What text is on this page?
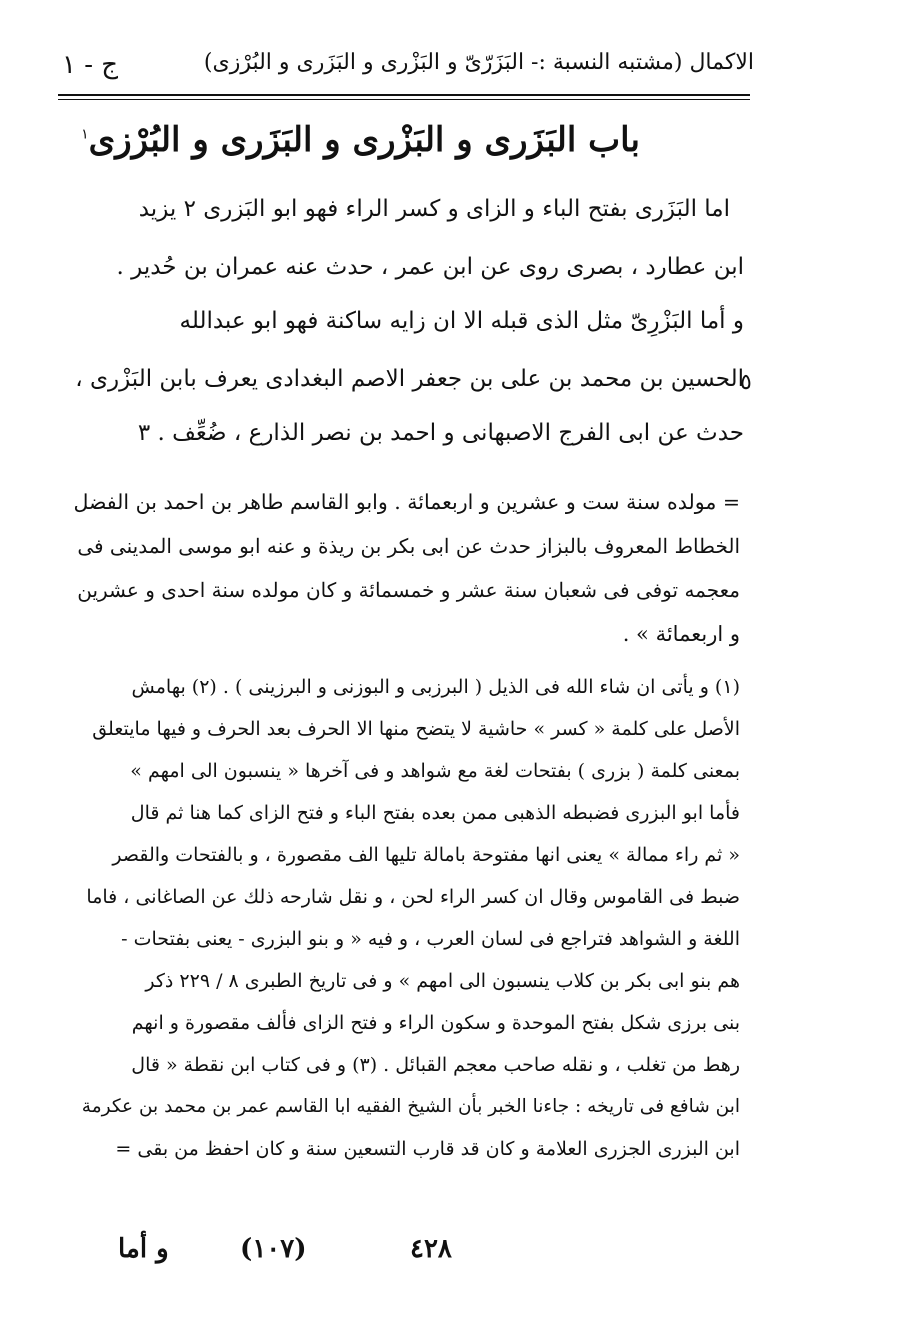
الاكمال (مشتبه النسبة :- البَزَرّىّ و البَزْرى و البَزَرى و البُرْزى)
ج - ١
باب البَزَرى و البَزْرى و البَزَرى و البُرْزى$^١$
اما البَزَرى بفتح الباء و الزاى و كسر الراء فهو ابو البَزرى ٢ يزيد
ابن عطارد ، بصرى روى عن ابن عمر ، حدث عنه عمران بن حُدير .
و أما البَزْرِىّ مثل الذى قبله الا ان زايه ساكنة فهو ابو عبدالله
الحسين بن محمد بن على بن جعفر الاصم البغدادى يعرف بابن البَزْرى ،
حدث عن ابى الفرج الاصبهانى و احمد بن نصر الذارع ، ضُعِّف . ٣
٥
= مولده سنة ست و عشرين و اربعمائة . وابو القاسم طاهر بن احمد بن الفضل
الخطاط المعروف بالبزاز حدث عن ابى بكر بن ريذة و عنه ابو موسى المدينى فى
معجمه توفى فى شعبان سنة عشر و خمسمائة و كان مولده سنة احدى و عشرين
و اربعمائة » .
(١) و يأتى ان شاء الله فى الذيل ( البرزبى و البوزنى و البرزينى ) . (٢) بهامش
الأصل على كلمة « كسر » حاشية لا يتضح منها الا الحرف بعد الحرف و فيها مايتعلق
بمعنى كلمة ( بزرى ) بفتحات لغة مع شواهد و فى آخرها « ينسبون الى امهم »
فأما ابو البزرى فضبطه الذهبى ممن بعده بفتح الباء و فتح الزاى كما هنا ثم قال
« ثم راء ممالة » يعنى انها مفتوحة بامالة تليها الف مقصورة ، و بالفتحات والقصر
ضبط فى القاموس وقال ان كسر الراء لحن ، و نقل شارحه ذلك عن الصاغانى ، فاما
اللغة و الشواهد فتراجع فى لسان العرب ، و فيه « و بنو البزرى - يعنى بفتحات -
هم بنو ابى بكر بن كلاب ينسبون الى امهم » و فى تاريخ الطبرى ٨ / ٢٢٩ ذكر
بنى برزى شكل بفتح الموحدة و سكون الراء و فتح الزاى فألف مقصورة و انهم
رهط من تغلب ، و نقله صاحب معجم القبائل . (٣) و فى كتاب ابن نقطة « قال
ابن شافع فى تاريخه : جاءنا الخبر بأن الشيخ الفقيه ابا القاسم عمر بن محمد بن عكرمة
ابن البزرى الجزرى العلامة و كان قد قارب التسعين سنة و كان احفظ من بقى =
٤٢٨
(١٠٧)
و أما
